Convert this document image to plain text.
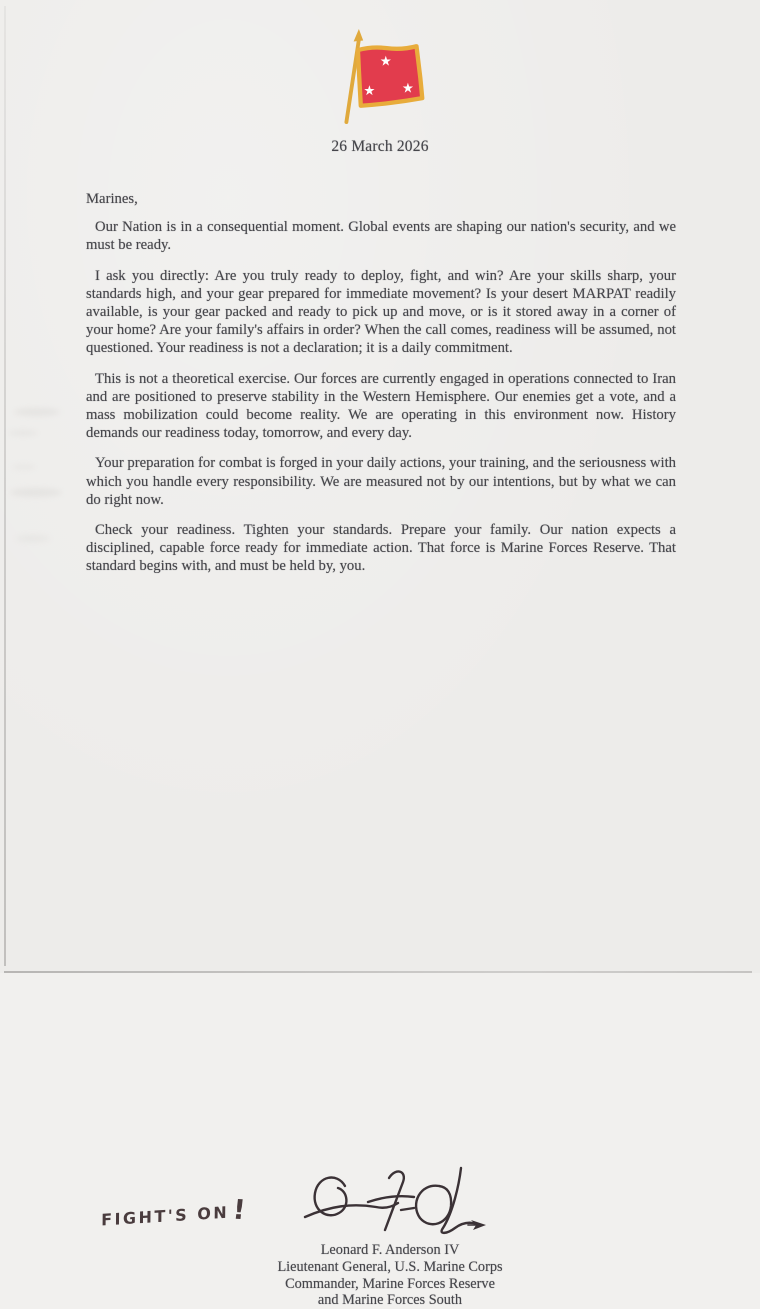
★
★ ★
26 March 2026

Marines,

Our Nation is in a consequential moment. Global events are shaping our nation's security, and we must be ready.

I ask you directly: Are you truly ready to deploy, fight, and win? Are your skills sharp, your standards high, and your gear prepared for immediate movement? Is your desert MARPAT readily available, is your gear packed and ready to pick up and move, or is it stored away in a corner of your home? Are your family's affairs in order? When the call comes, readiness will be assumed, not questioned. Your readiness is not a declaration; it is a daily commitment.

This is not a theoretical exercise. Our forces are currently engaged in operations connected to Iran and are positioned to preserve stability in the Western Hemisphere. Our enemies get a vote, and a mass mobilization could become reality. We are operating in this environment now. History demands our readiness today, tomorrow, and every day.

Your preparation for combat is forged in your daily actions, your training, and the seriousness with which you handle every responsibility. We are measured not by our intentions, but by what we can do right now.

Check your readiness. Tighten your standards. Prepare your family. Our nation expects a disciplined, capable force ready for immediate action. That force is Marine Forces Reserve. That standard begins with, and must be held by, you.

FIGHT'S ON!
Leonard F. Anderson IV
Lieutenant General, U.S. Marine Corps
Commander, Marine Forces Reserve
and Marine Forces South
